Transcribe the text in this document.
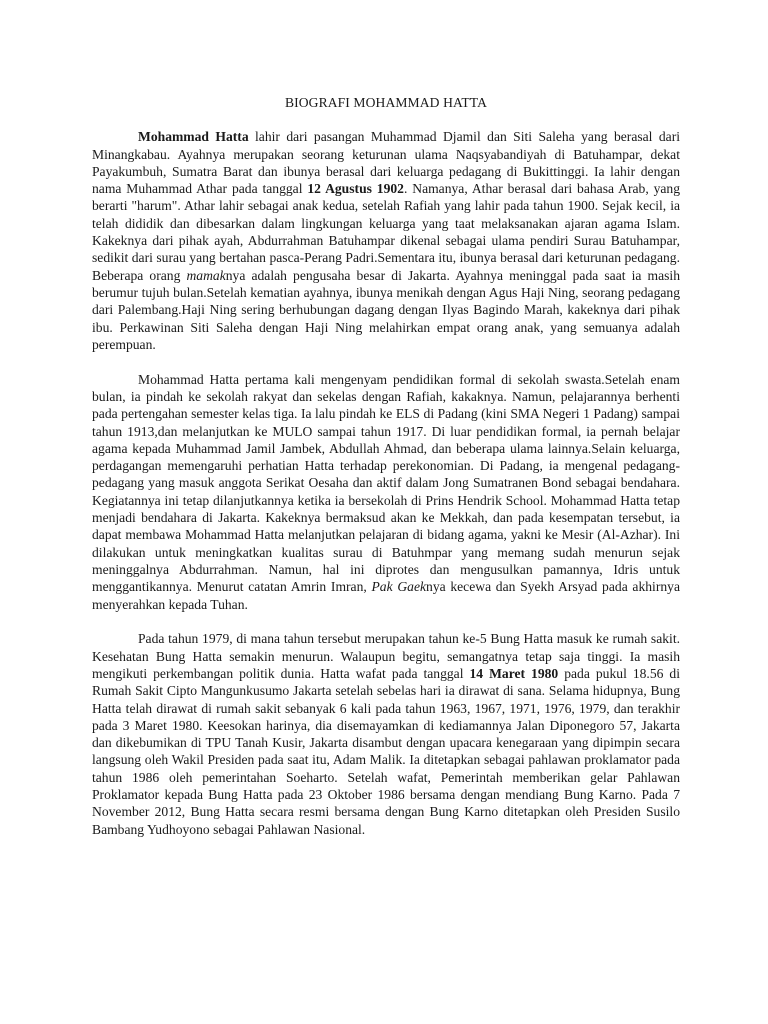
BIOGRAFI MOHAMMAD HATTA

Mohammad Hatta lahir dari pasangan Muhammad Djamil dan Siti Saleha yang berasal dari Minangkabau. Ayahnya merupakan seorang keturunan ulama Naqsyabandiyah di Batuhampar, dekat Payakumbuh, Sumatra Barat dan ibunya berasal dari keluarga pedagang di Bukittinggi. Ia lahir dengan nama Muhammad Athar pada tanggal 12 Agustus 1902. Namanya, Athar berasal dari bahasa Arab, yang berarti "harum". Athar lahir sebagai anak kedua, setelah Rafiah yang lahir pada tahun 1900. Sejak kecil, ia telah dididik dan dibesarkan dalam lingkungan keluarga yang taat melaksanakan ajaran agama Islam. Kakeknya dari pihak ayah, Abdurrahman Batuhampar dikenal sebagai ulama pendiri Surau Batuhampar, sedikit dari surau yang bertahan pasca-Perang Padri.Sementara itu, ibunya berasal dari keturunan pedagang. Beberapa orang mamaknya adalah pengusaha besar di Jakarta. Ayahnya meninggal pada saat ia masih berumur tujuh bulan.Setelah kematian ayahnya, ibunya menikah dengan Agus Haji Ning, seorang pedagang dari Palembang.Haji Ning sering berhubungan dagang dengan Ilyas Bagindo Marah, kakeknya dari pihak ibu. Perkawinan Siti Saleha dengan Haji Ning melahirkan empat orang anak, yang semuanya adalah perempuan.

Mohammad Hatta pertama kali mengenyam pendidikan formal di sekolah swasta.Setelah enam bulan, ia pindah ke sekolah rakyat dan sekelas dengan Rafiah, kakaknya. Namun, pelajarannya berhenti pada pertengahan semester kelas tiga. Ia lalu pindah ke ELS di Padang (kini SMA Negeri 1 Padang) sampai tahun 1913,dan melanjutkan ke MULO sampai tahun 1917. Di luar pendidikan formal, ia pernah belajar agama kepada Muhammad Jamil Jambek, Abdullah Ahmad, dan beberapa ulama lainnya.Selain keluarga, perdagangan memengaruhi perhatian Hatta terhadap perekonomian. Di Padang, ia mengenal pedagang-pedagang yang masuk anggota Serikat Oesaha dan aktif dalam Jong Sumatranen Bond sebagai bendahara. Kegiatannya ini tetap dilanjutkannya ketika ia bersekolah di Prins Hendrik School. Mohammad Hatta tetap menjadi bendahara di Jakarta. Kakeknya bermaksud akan ke Mekkah, dan pada kesempatan tersebut, ia dapat membawa Mohammad Hatta melanjutkan pelajaran di bidang agama, yakni ke Mesir (Al-Azhar). Ini dilakukan untuk meningkatkan kualitas surau di Batuhmpar yang memang sudah menurun sejak meninggalnya Abdurrahman. Namun, hal ini diprotes dan mengusulkan pamannya, Idris untuk menggantikannya. Menurut catatan Amrin Imran, Pak Gaeknya kecewa dan Syekh Arsyad pada akhirnya menyerahkan kepada Tuhan.

Pada tahun 1979, di mana tahun tersebut merupakan tahun ke-5 Bung Hatta masuk ke rumah sakit. Kesehatan Bung Hatta semakin menurun. Walaupun begitu, semangatnya tetap saja tinggi. Ia masih mengikuti perkembangan politik dunia. Hatta wafat pada tanggal 14 Maret 1980 pada pukul 18.56 di Rumah Sakit Cipto Mangunkusumo Jakarta setelah sebelas hari ia dirawat di sana. Selama hidupnya, Bung Hatta telah dirawat di rumah sakit sebanyak 6 kali pada tahun 1963, 1967, 1971, 1976, 1979, dan terakhir pada 3 Maret 1980. Keesokan harinya, dia disemayamkan di kediamannya Jalan Diponegoro 57, Jakarta dan dikebumikan di TPU Tanah Kusir, Jakarta disambut dengan upacara kenegaraan yang dipimpin secara langsung oleh Wakil Presiden pada saat itu, Adam Malik. Ia ditetapkan sebagai pahlawan proklamator pada tahun 1986 oleh pemerintahan Soeharto. Setelah wafat, Pemerintah memberikan gelar Pahlawan Proklamator kepada Bung Hatta pada 23 Oktober 1986 bersama dengan mendiang Bung Karno. Pada 7 November 2012, Bung Hatta secara resmi bersama dengan Bung Karno ditetapkan oleh Presiden Susilo Bambang Yudhoyono sebagai Pahlawan Nasional.
